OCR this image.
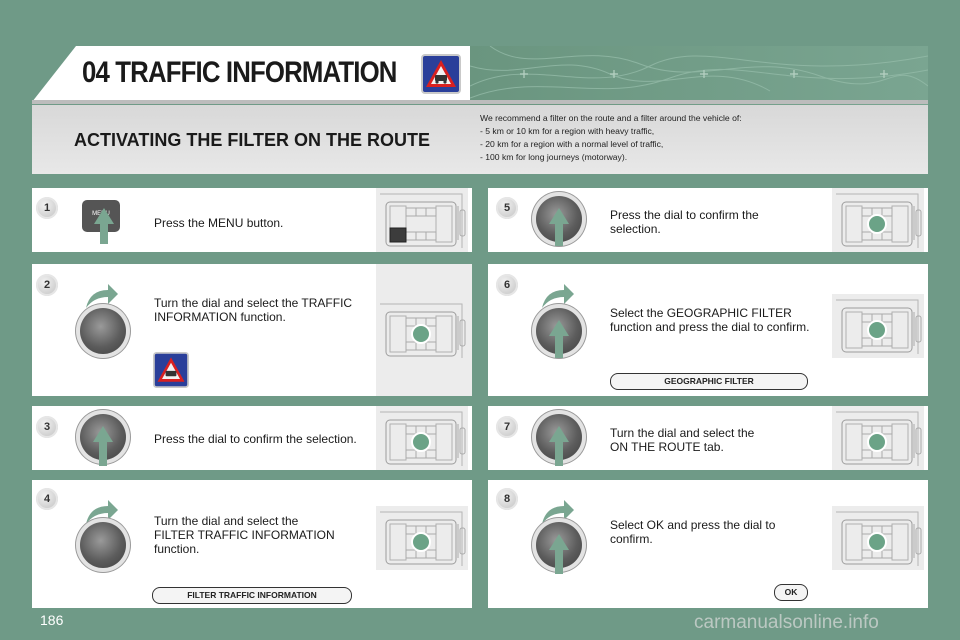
04 TRAFFIC INFORMATION
ACTIVATING THE FILTER ON THE ROUTE
We recommend a filter on the route and a filter around the vehicle of:
- 5 km or 10 km for a region with heavy traffic,
- 20 km for a region with a normal level of traffic,
- 100 km for long journeys (motorway).
1	MENU
Press the MENU button.
2
Turn the dial and select the TRAFFIC
INFORMATION function.
3
Press the dial to confirm the selection.
4
Turn the dial and select the
FILTER TRAFFIC INFORMATION
function.
FILTER TRAFFIC INFORMATION
5	Press the dial to confirm the
selection.
6
Select the GEOGRAPHIC FILTER
function and press the dial to confirm.
GEOGRAPHIC FILTER
7	Turn the dial and select the
ON THE ROUTE tab.
8
Select OK and press the dial to
confirm.
OK
186	carmanualsonline.info
